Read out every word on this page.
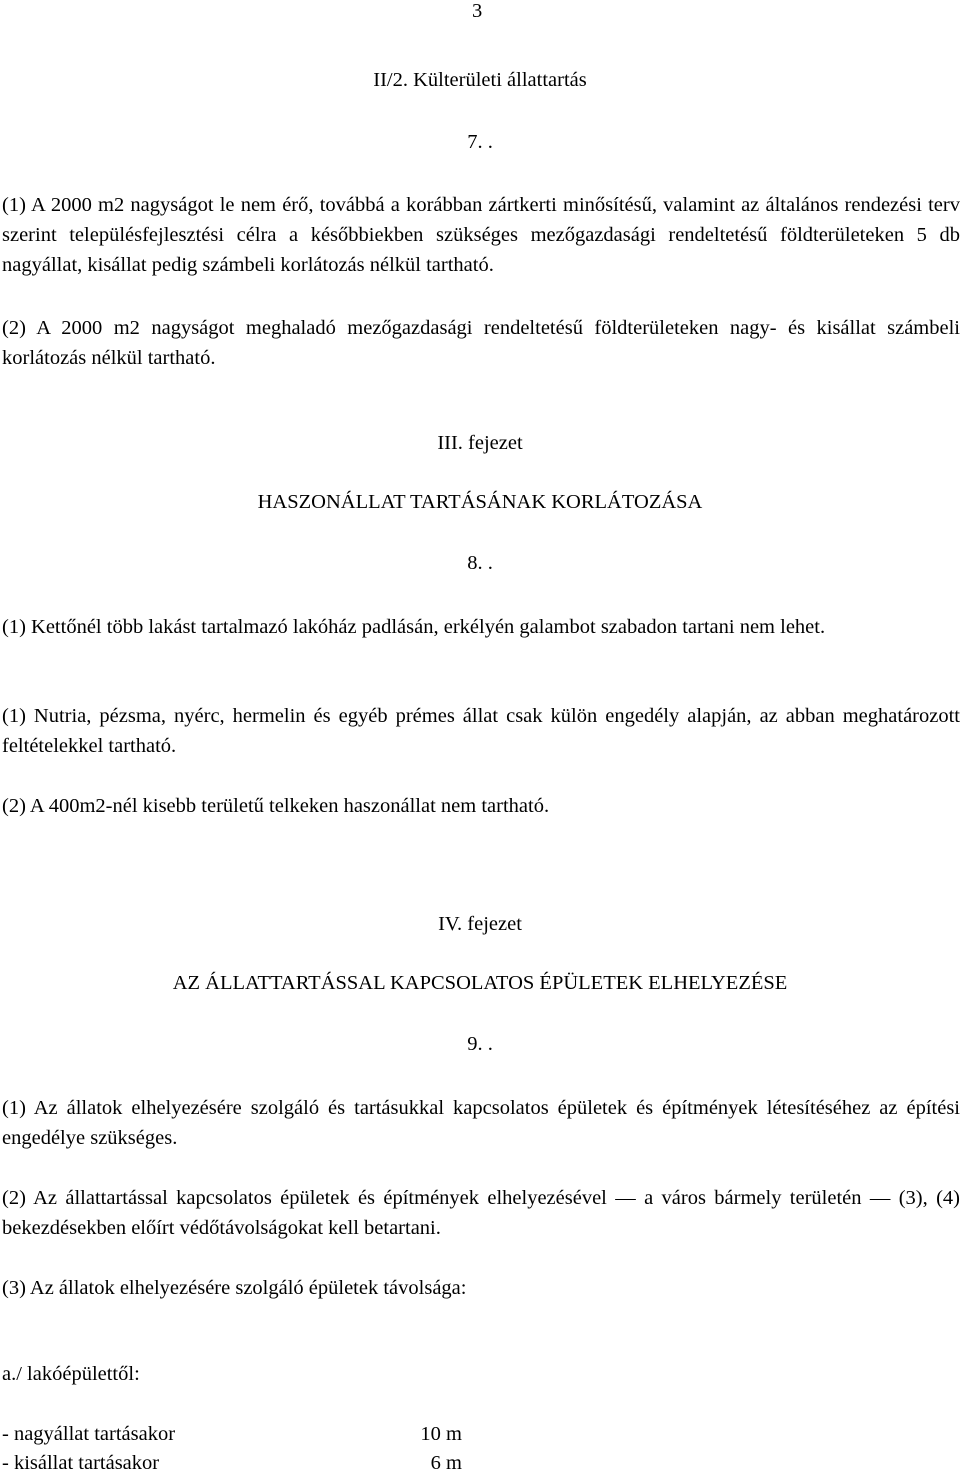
3
II/2. Külterületi állattartás
7. .
(1) A 2000 m2 nagyságot le nem érő, továbbá a korábban zártkerti minősítésű, valamint az általános rendezési terv szerint településfejlesztési célra a későbbiekben szükséges mezőgazdasági rendeltetésű földterületeken 5 db nagyállat, kisállat pedig számbeli korlátozás nélkül tartható.
(2) A 2000 m2 nagyságot meghaladó mezőgazdasági rendeltetésű földterületeken nagy- és kisállat számbeli korlátozás nélkül tartható.
III. fejezet
HASZONÁLLAT TARTÁSÁNAK KORLÁTOZÁSA
8. .
(1) Kettőnél több lakást tartalmazó lakóház padlásán, erkélyén galambot szabadon tartani nem lehet.
(1) Nutria, pézsma, nyérc, hermelin és egyéb prémes állat csak külön engedély alapján, az abban meghatározott feltételekkel tartható.
(2) A 400m2-nél kisebb területű telkeken haszonállat nem tartható.
IV. fejezet
AZ ÁLLATTARTÁSSAL KAPCSOLATOS ÉPÜLETEK ELHELYEZÉSE
9. .
(1) Az állatok elhelyezésére szolgáló és tartásukkal kapcsolatos épületek és építmények létesítéséhez az építési engedélye szükséges.
(2) Az állattartással kapcsolatos épületek és építmények elhelyezésével — a város bármely területén — (3), (4) bekezdésekben előírt védőtávolságokat kell betartani.
(3) Az állatok elhelyezésére szolgáló épületek távolsága:
a./ lakóépülettől:
- nagyállat tartásakor	10 m
- kisállat tartásakor	6 m
